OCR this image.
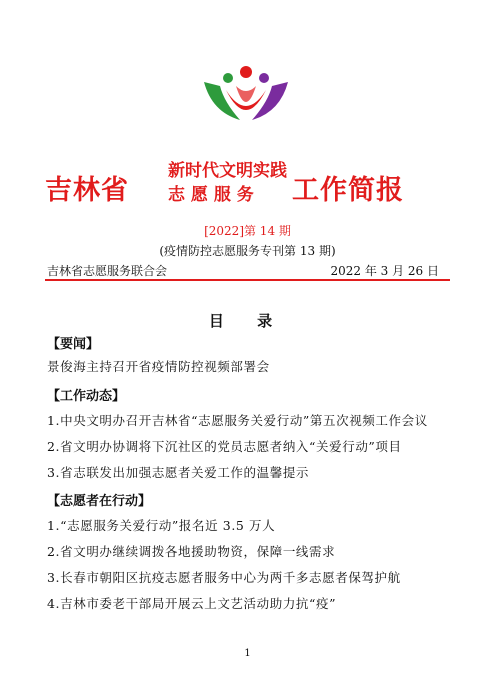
吉林省
新时代文明实践
志 愿 服 务 工作简报
[2022]第 14 期
(疫情防控志愿服务专刊第 13 期)
吉林省志愿服务联合会	2022 年 3 月 26 日
目 录
【要闻】
景俊海主持召开省疫情防控视频部署会
【工作动态】
1.中央文明办召开吉林省“志愿服务关爱行动”第五次视频工作会议
2.省文明办协调将下沉社区的党员志愿者纳入“关爱行动”项目
3.省志联发出加强志愿者关爱工作的温馨提示
【志愿者在行动】
1.“志愿服务关爱行动”报名近 3.5 万人
2.省文明办继续调拨各地援助物资，保障一线需求
3.长春市朝阳区抗疫志愿者服务中心为两千多志愿者保驾护航
4.吉林市委老干部局开展云上文艺活动助力抗“疫”
1
